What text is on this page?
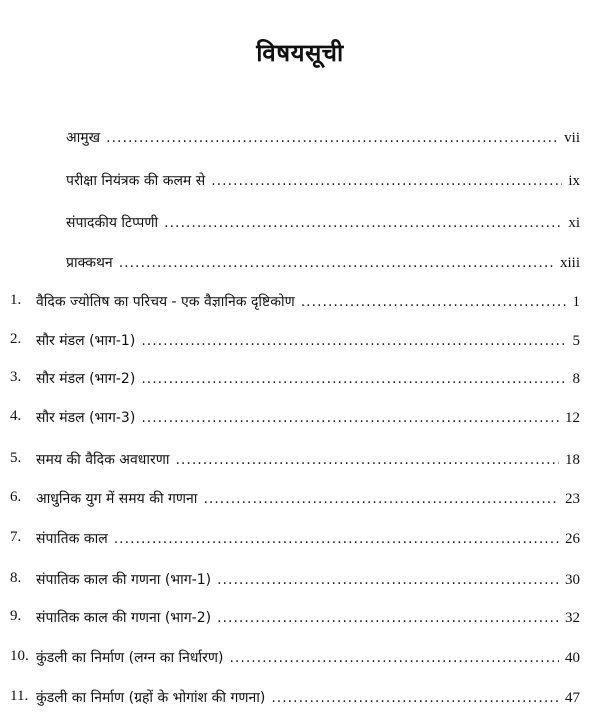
विषयसूची
आमुख .....	vii
परीक्षा नियंत्रक की कलम से .....	ix
संपादकीय टिप्पणी .....	xi
प्राक्कथन .....	xiii
1.	वैदिक ज्योतिष का परिचय - एक वैज्ञानिक दृष्टिकोण .....	1
2.	सौर मंडल (भाग-1) .....	5
3.	सौर मंडल (भाग-2) .....	8
4.	सौर मंडल (भाग-3) .....	12
5.	समय की वैदिक अवधारणा .....	18
6.	आधुनिक युग में समय की गणना .....	23
7.	संपातिक काल .....	26
8.	संपातिक काल की गणना (भाग-1) .....	30
9.	संपातिक काल की गणना (भाग-2) .....	32
10. कुंडली का निर्माण (लग्न का निर्धारण) .....	40
11. कुंडली का निर्माण (ग्रहों के भोगांश की गणना) .....	47
